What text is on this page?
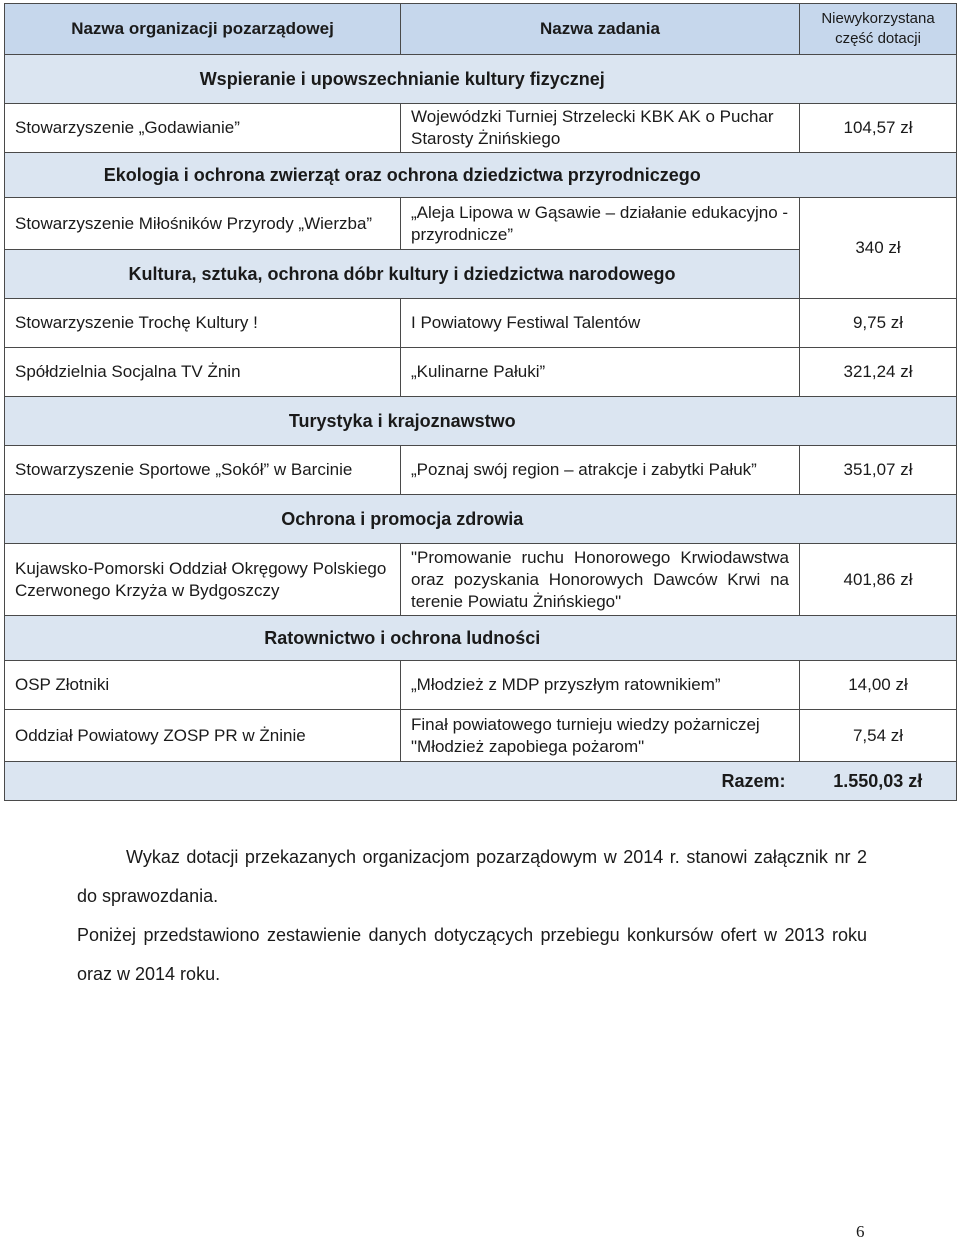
Nazwa organizacji pozarządowej	Nazwa zadania	Niewykorzystana część dotacji
Wspieranie i upowszechnianie kultury fizycznej		
Stowarzyszenie „Godawianie”	Wojewódzki Turniej Strzelecki KBK AK o Puchar Starosty Żnińskiego	104,57 zł
Ekologia i ochrona zwierząt oraz ochrona dziedzictwa przyrodniczego		
Stowarzyszenie Miłośników Przyrody „Wierzba”	„Aleja Lipowa w Gąsawie – działanie edukacyjno - przyrodnicze”	340 zł
Kultura, sztuka, ochrona dóbr kultury i dziedzictwa narodowego		
Stowarzyszenie Trochę Kultury !	I Powiatowy Festiwal Talentów	9,75 zł
Spółdzielnia Socjalna TV Żnin	„Kulinarne Pałuki”	321,24 zł
Turystyka i krajoznawstwo		
Stowarzyszenie Sportowe „Sokół” w Barcinie	„Poznaj swój region – atrakcje i zabytki Pałuk”	351,07 zł
Ochrona i promocja zdrowia		
Kujawsko-Pomorski Oddział Okręgowy Polskiego Czerwonego Krzyża w Bydgoszczy	"Promowanie ruchu Honorowego Krwiodawstwa oraz pozyskania Honorowych Dawców Krwi na terenie Powiatu Żnińskiego"	401,86 zł
Ratownictwo i ochrona ludności		
OSP Złotniki	„Młodzież z MDP przyszłym ratownikiem”	14,00 zł
Oddział Powiatowy ZOSP PR w Żninie	Finał powiatowego turnieju wiedzy pożarniczej "Młodzież zapobiega pożarom"	7,54 zł
Razem:		1.550,03 zł
Wykaz dotacji przekazanych organizacjom pozarządowym w 2014 r. stanowi załącznik nr 2 do sprawozdania.
Poniżej przedstawiono zestawienie danych dotyczących przebiegu konkursów ofert w 2013 roku oraz w 2014 roku.
6
